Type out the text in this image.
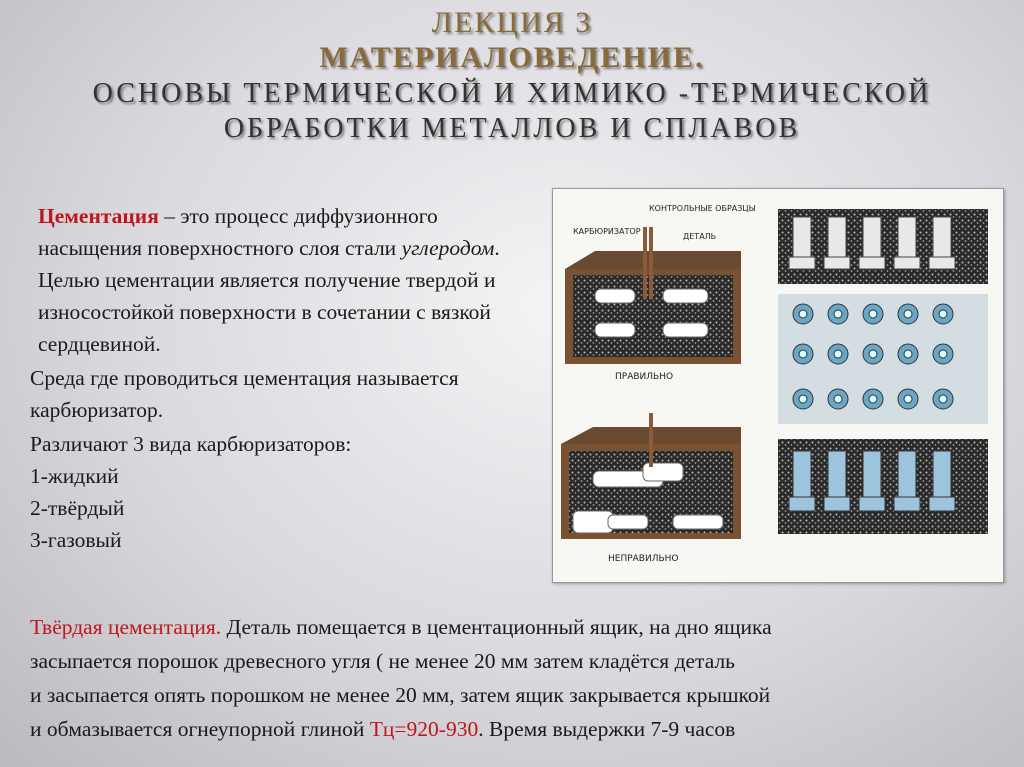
ЛЕКЦИЯ 3

МАТЕРИАЛОВЕДЕНИЕ.

ОСНОВЫ ТЕРМИЧЕСКОЙ И ХИМИКО -ТЕРМИЧЕСКОЙ

ОБРАБОТКИ МЕТАЛЛОВ И СПЛАВОВ

Цементация – это процесс диффузионного насыщения поверхностного слоя стали углеродом. Целью цементации является получение твердой и износостойкой поверхности в сочетании с вязкой сердцевиной.

Среда где проводиться цементация называется карбюризатор.

Различают 3 вида карбюризаторов:

1-жидкий

2-твёрдый

3-газовый

КАРБЮРИЗАТОР
КОНТРОЛЬНЫЕ ОБРАЗЦЫ
ДЕТАЛЬ
ПРАВИЛЬНО
НЕПРАВИЛЬНО

Твёрдая цементация. Деталь помещается в цементационный ящик, на дно ящика

засыпается порошок древесного угля ( не менее 20 мм затем кладётся деталь

и засыпается опять порошком не менее 20 мм, затем ящик закрывается крышкой

и обмазывается огнеупорной глиной Тц=920-930. Время выдержки 7-9 часов
